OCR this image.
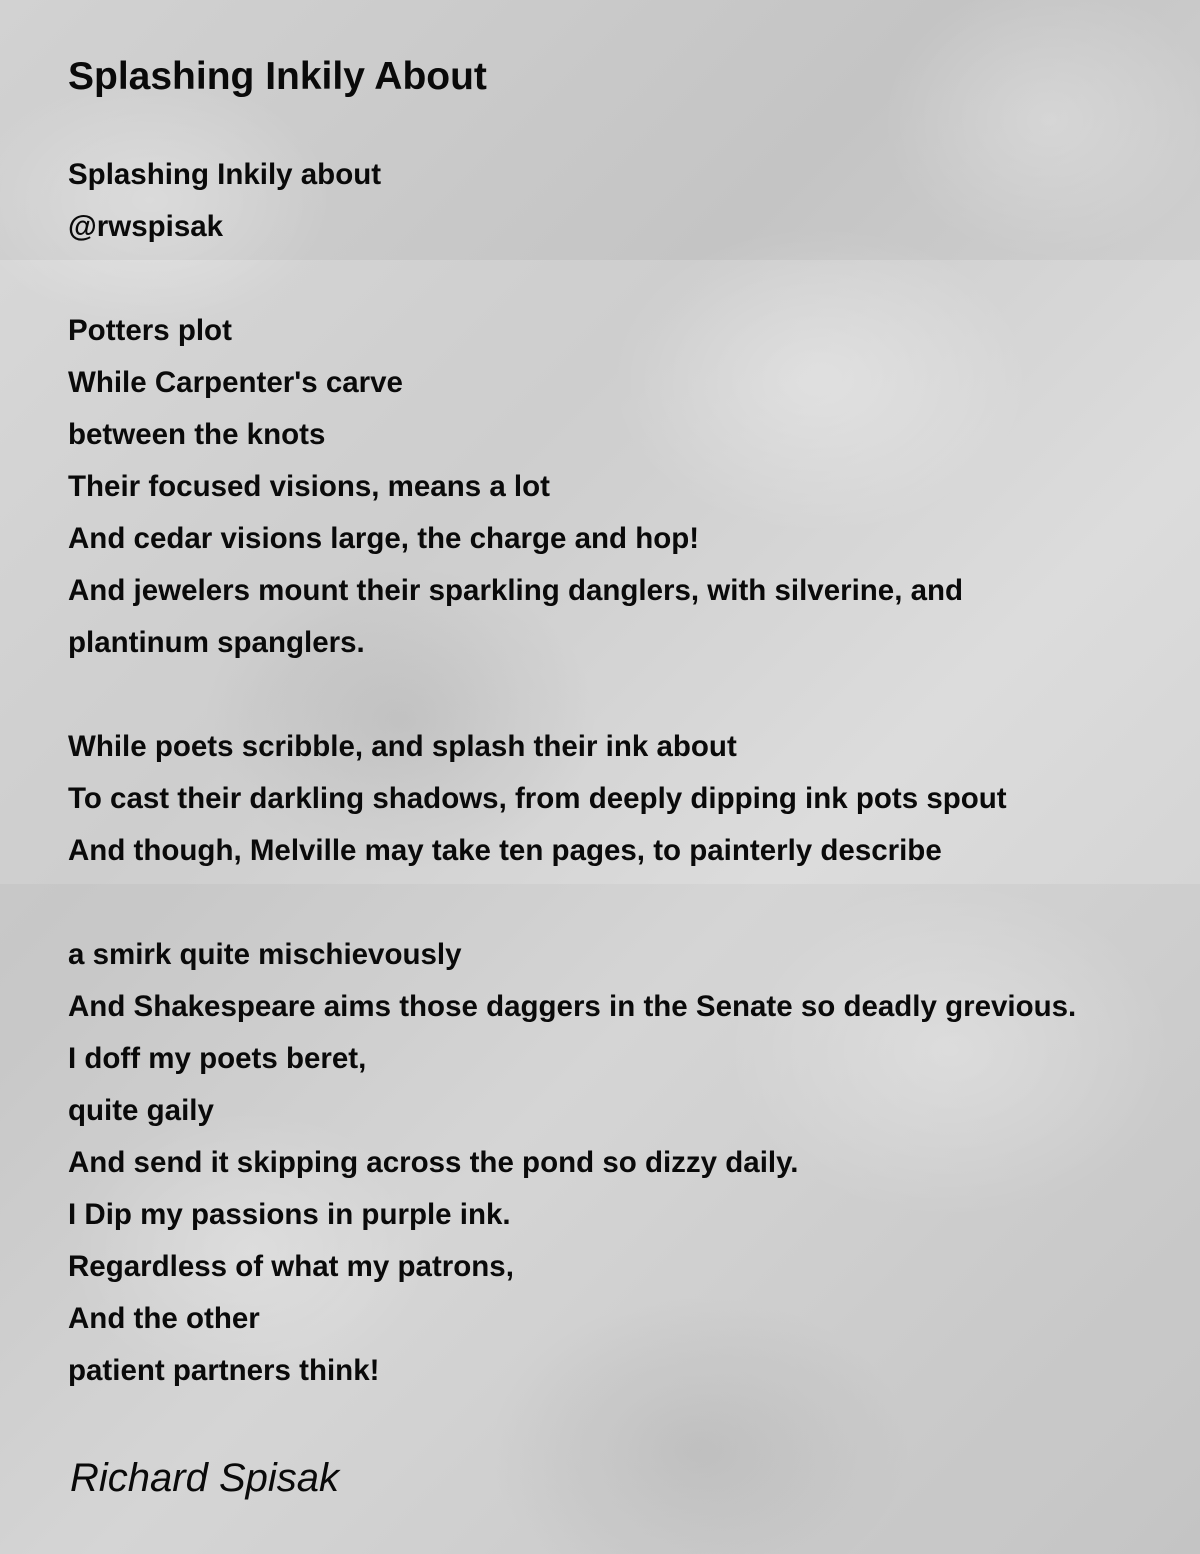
Splashing Inkily About
Splashing Inkily about
@rwspisak
Potters plot
While Carpenter's carve
between the knots
Their focused visions, means a lot
And cedar visions large, the charge and hop!
And jewelers mount their sparkling danglers, with silverine, and
plantinum spanglers.
While poets scribble, and splash their ink about
To cast their darkling shadows, from deeply dipping ink pots spout
And though, Melville may take ten pages, to painterly describe
a smirk quite mischievously
And Shakespeare aims those daggers in the Senate so deadly grevious.
I doff my poets beret,
quite gaily
And send it skipping across the pond so dizzy daily.
I Dip my passions in purple ink.
Regardless of what my patrons,
And the other
patient partners think!

Richard Spisak
